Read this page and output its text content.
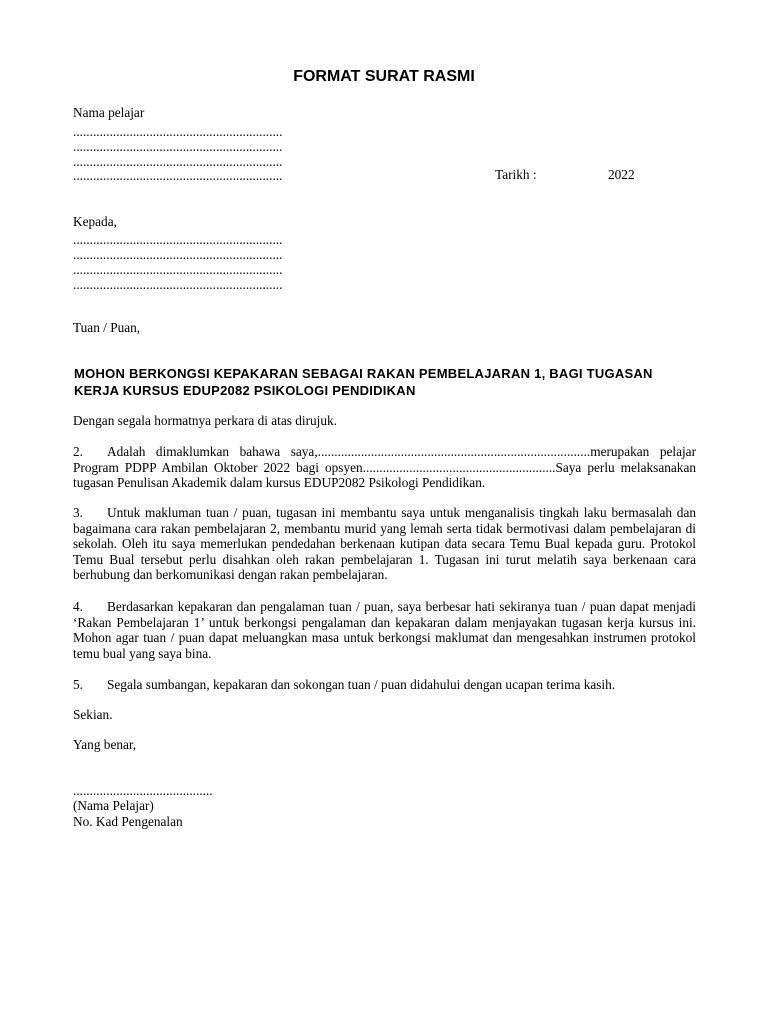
FORMAT SURAT RASMI
Nama pelajar
...............................................................
...............................................................
...............................................................
...............................................................	Tarikh :	2022
Kepada,
...............................................................
...............................................................
...............................................................
...............................................................
Tuan / Puan,
MOHON BERKONGSI KEPAKARAN SEBAGAI RAKAN PEMBELAJARAN 1, BAGI TUGASAN KERJA KURSUS EDUP2082 PSIKOLOGI PENDIDIKAN
Dengan segala hormatnya perkara di atas dirujuk.
2. Adalah dimaklumkan bahawa saya,..................................................................................merupakan pelajar Program PDPP Ambilan Oktober 2022 bagi opsyen..........................................................Saya perlu melaksanakan tugasan Penulisan Akademik dalam kursus EDUP2082 Psikologi Pendidikan.
3. Untuk makluman tuan / puan, tugasan ini membantu saya untuk menganalisis tingkah laku bermasalah dan bagaimana cara rakan pembelajaran 2, membantu murid yang lemah serta tidak bermotivasi dalam pembelajaran di sekolah. Oleh itu saya memerlukan pendedahan berkenaan kutipan data secara Temu Bual kepada guru. Protokol Temu Bual tersebut perlu disahkan oleh rakan pembelajaran 1. Tugasan ini turut melatih saya berkenaan cara berhubung dan berkomunikasi dengan rakan pembelajaran.
4. Berdasarkan kepakaran dan pengalaman tuan / puan, saya berbesar hati sekiranya tuan / puan dapat menjadi ‘Rakan Pembelajaran 1’ untuk berkongsi pengalaman dan kepakaran dalam menjayakan tugasan kerja kursus ini. Mohon agar tuan / puan dapat meluangkan masa untuk berkongsi maklumat dan mengesahkan instrumen protokol temu bual yang saya bina.
5. Segala sumbangan, kepakaran dan sokongan tuan / puan didahului dengan ucapan terima kasih.
Sekian.
Yang benar,
..........................................
(Nama Pelajar)
No. Kad Pengenalan
